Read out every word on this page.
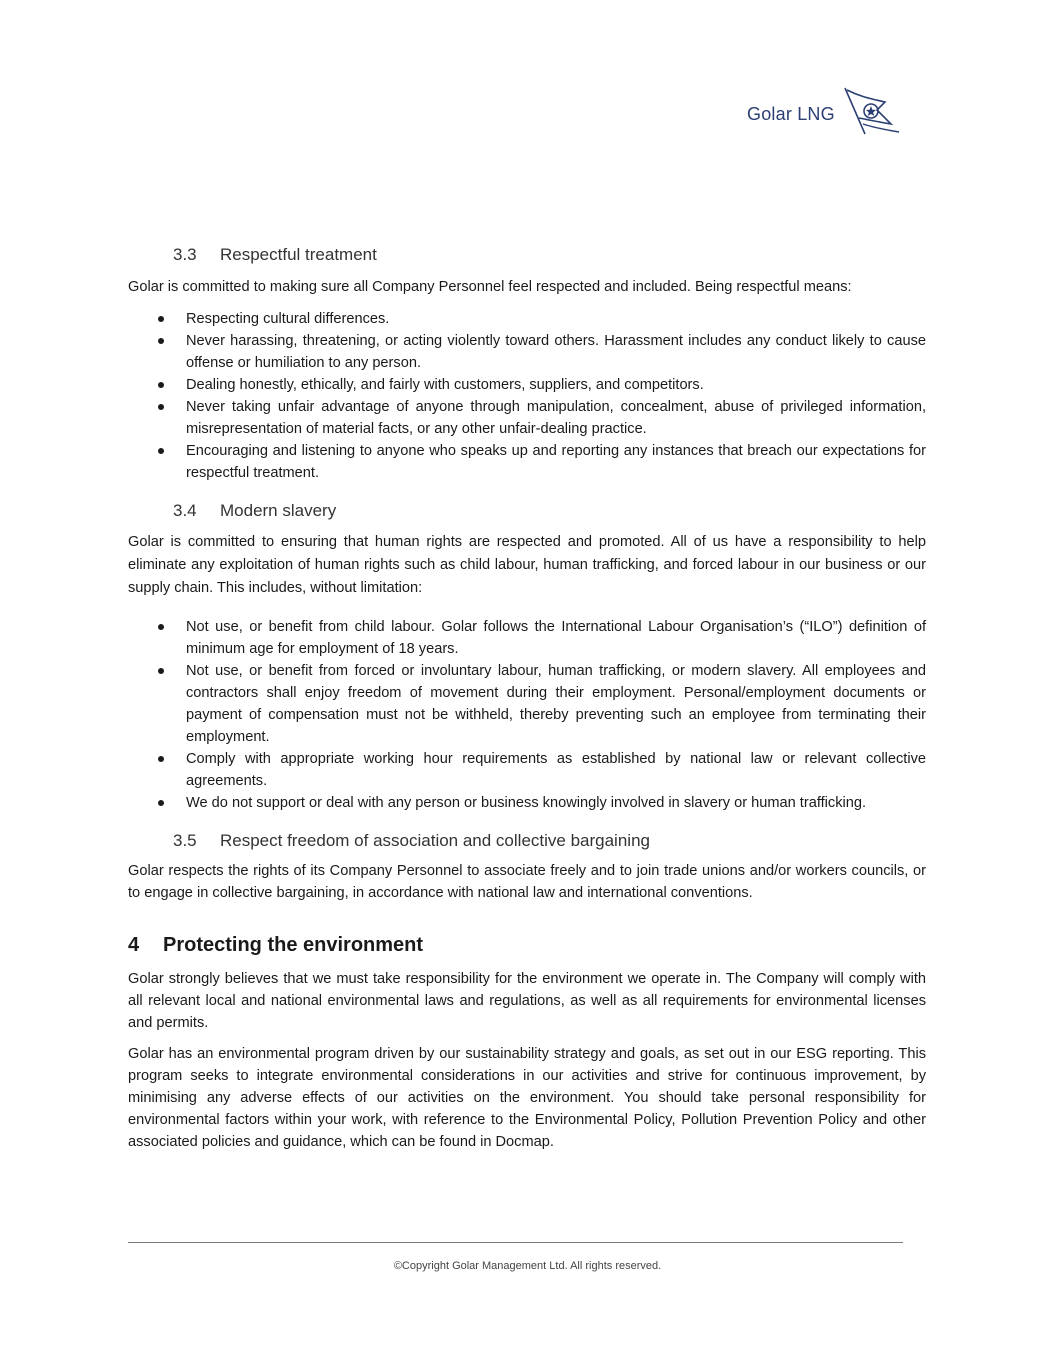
Golar LNG
3.3 Respectful treatment

Golar is committed to making sure all Company Personnel feel respected and included. Being respectful means:

Respecting cultural differences.
Never harassing, threatening, or acting violently toward others. Harassment includes any conduct likely to cause offense or humiliation to any person.
Dealing honestly, ethically, and fairly with customers, suppliers, and competitors.
Never taking unfair advantage of anyone through manipulation, concealment, abuse of privileged information, misrepresentation of material facts, or any other unfair-dealing practice.
Encouraging and listening to anyone who speaks up and reporting any instances that breach our expectations for respectful treatment.
3.4 Modern slavery

Golar is committed to ensuring that human rights are respected and promoted. All of us have a responsibility to help eliminate any exploitation of human rights such as child labour, human trafficking, and forced labour in our business or our supply chain. This includes, without limitation:

Not use, or benefit from child labour. Golar follows the International Labour Organisation’s (“ILO”) definition of minimum age for employment of 18 years.
Not use, or benefit from forced or involuntary labour, human trafficking, or modern slavery. All employees and contractors shall enjoy freedom of movement during their employment. Personal/employment documents or payment of compensation must not be withheld, thereby preventing such an employee from terminating their employment.
Comply with appropriate working hour requirements as established by national law or relevant collective agreements.
We do not support or deal with any person or business knowingly involved in slavery or human trafficking.
3.5 Respect freedom of association and collective bargaining

Golar respects the rights of its Company Personnel to associate freely and to join trade unions and/or workers councils, or to engage in collective bargaining, in accordance with national law and international conventions.

4 Protecting the environment

Golar strongly believes that we must take responsibility for the environment we operate in. The Company will comply with all relevant local and national environmental laws and regulations, as well as all requirements for environmental licenses and permits.

Golar has an environmental program driven by our sustainability strategy and goals, as set out in our ESG reporting. This program seeks to integrate environmental considerations in our activities and strive for continuous improvement, by minimising any adverse effects of our activities on the environment. You should take personal responsibility for environmental factors within your work, with reference to the Environmental Policy, Pollution Prevention Policy and other associated policies and guidance, which can be found in Docmap.

©Copyright Golar Management Ltd. All rights reserved.
